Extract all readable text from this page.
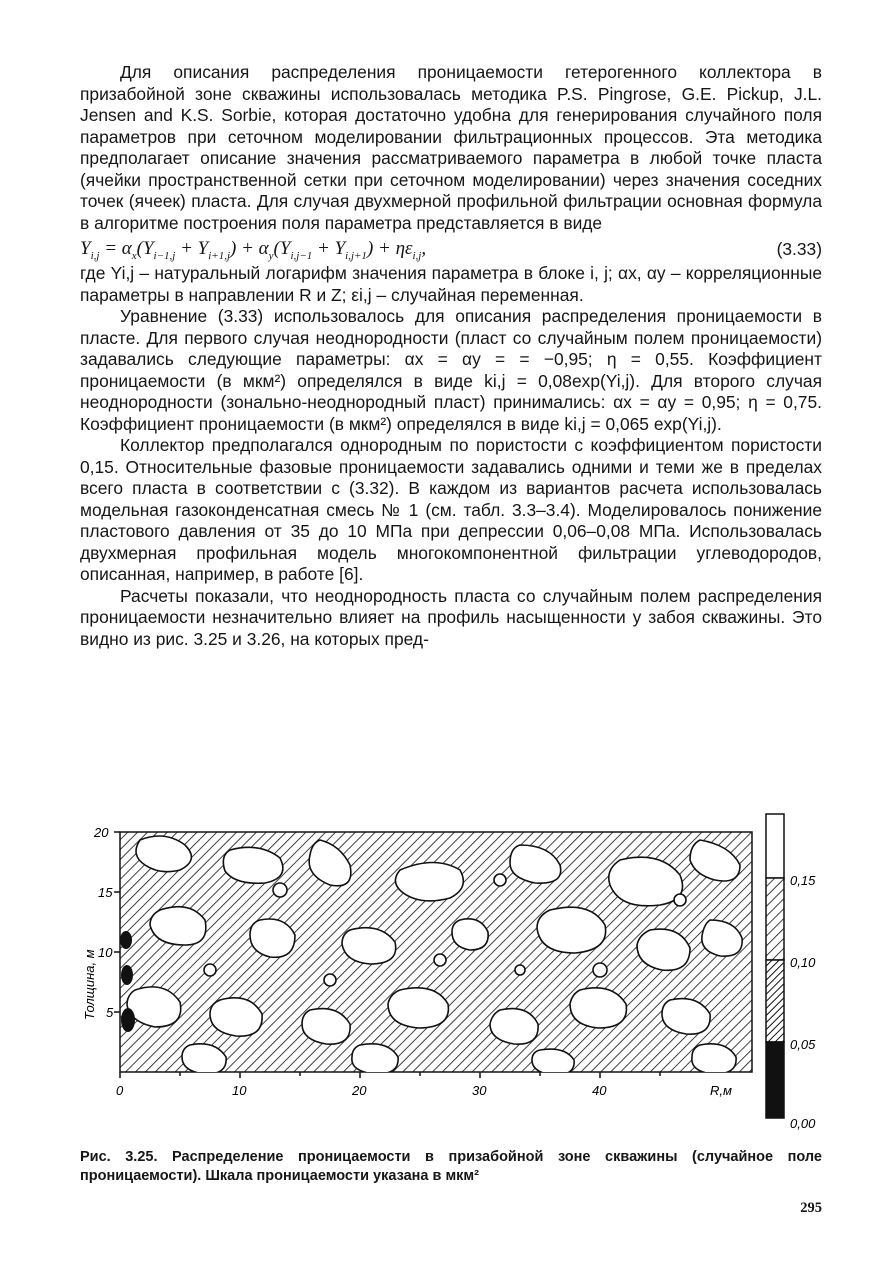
Для описания распределения проницаемости гетерогенного коллектора в призабойной зоне скважины использовалась методика P.S. Pingrose, G.E. Pickup, J.L. Jensen and K.S. Sorbie, которая достаточно удобна для генерирования случайного поля параметров при сеточном моделировании фильтрационных процессов. Эта методика предполагает описание значения рассматриваемого параметра в любой точке пласта (ячейки пространственной сетки при сеточном моделировании) через значения соседних точек (ячеек) пласта. Для случая двухмерной профильной фильтрации основная формула в алгоритме построения поля параметра представляется в виде

$Y_{i,j} = \alpha_x(Y_{i-1,j} + Y_{i+1,j}) + \alpha_y(Y_{i,j-1} + Y_{i,j+1}) + \eta\varepsilon_{i,j}$,	(3.33)

где Yi,j – натуральный логарифм значения параметра в блоке i, j; αx, αy – корреляционные параметры в направлении R и Z; εi,j – случайная переменная.

Уравнение (3.33) использовалось для описания распределения проницаемости в пласте. Для первого случая неоднородности (пласт со случайным полем проницаемости) задавались следующие параметры: αx = αy = = −0,95; η = 0,55. Коэффициент проницаемости (в мкм²) определялся в виде ki,j = 0,08exp(Yi,j). Для второго случая неоднородности (зонально-неоднородный пласт) принимались: αx = αy = 0,95; η = 0,75. Коэффициент проницаемости (в мкм²) определялся в виде ki,j = 0,065 exp(Yi,j).

Коллектор предполагался однородным по пористости с коэффициентом пористости 0,15. Относительные фазовые проницаемости задавались одними и теми же в пределах всего пласта в соответствии с (3.32). В каждом из вариантов расчета использовалась модельная газоконденсатная смесь № 1 (см. табл. 3.3–3.4). Моделировалось понижение пластового давления от 35 до 10 МПа при депрессии 0,06–0,08 МПа. Использовалась двухмерная профильная модель многокомпонентной фильтрации углеводородов, описанная, например, в работе [6].

Расчеты показали, что неоднородность пласта со случайным полем распределения проницаемости незначительно влияет на профиль насыщенности у забоя скважины. Это видно из рис. 3.25 и 3.26, на которых пред-

20
15
10
5
0	10	20	30	40	R,м
Толщина, м
0,15
0,10
0,05
0,00
Рис. 3.25. Распределение проницаемости в призабойной зоне скважины (случайное поле проницаемости). Шкала проницаемости указана в мкм²
295
